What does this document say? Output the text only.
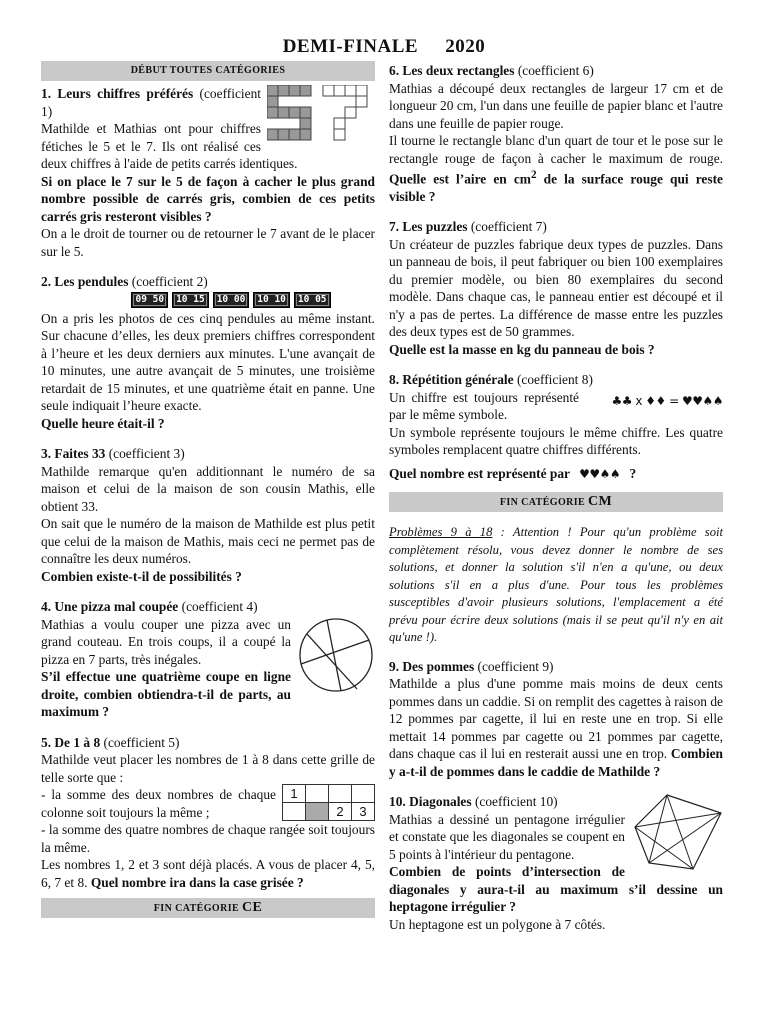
DEMI-FINALE 2020
DÉBUT TOUTES CATÉGORIES

1. Leurs chiffres préférés (coefficient 1)
Mathilde et Mathias ont pour chiffres fétiches le 5 et le 7. Ils ont réalisé ces deux chiffres à l'aide de petits carrés identiques.

Si on place le 7 sur le 5 de façon à cacher le plus grand nombre possible de carrés gris, combien de ces petits carrés gris resteront visibles ?

On a le droit de tourner ou de retourner le 7 avant de le placer sur le 5.

2. Les pendules (coefficient 2)

09 50	10 15	10 00	10 10	10 05

On a pris les photos de ces cinq pendules au même instant. Sur chacune d’elles, les deux premiers chiffres correspondent à l’heure et les deux derniers aux minutes. L'une avançait de 10 minutes, une autre avançait de 5 minutes, une troisième retardait de 15 minutes, et une quatrième était en panne. Une seule indiquait l’heure exacte.

Quelle heure était-il ?

3. Faites 33 (coefficient 3)

Mathilde remarque qu'en additionnant le numéro de sa maison et celui de la maison de son cousin Mathis, elle obtient 33.

On sait que le numéro de la maison de Mathilde est plus petit que celui de la maison de Mathis, mais ceci ne permet pas de connaître les deux numéros.

Combien existe-t-il de possibilités ?

4. Une pizza mal coupée (coefficient 4)

Mathias a voulu couper une pizza avec un grand couteau. En trois coups, il a coupé la pizza en 7 parts, très inégales.

S’il effectue une quatrième coupe en ligne droite, combien obtiendra-t-il de parts, au maximum ?

5. De 1 à 8 (coefficient 5)

Mathilde veut placer les nombres de 1 à 8 dans cette grille de telle sorte que :

1			
		2	3

- la somme des deux nombres de chaque colonne soit toujours la même ;

- la somme des quatre nombres de chaque rangée soit toujours la même.

Les nombres 1, 2 et 3 sont déjà placés. A vous de placer 4, 5, 6, 7 et 8. Quel nombre ira dans la case grisée ?

FIN CATÉGORIE CE

6. Les deux rectangles (coefficient 6)

Mathias a découpé deux rectangles de largeur 17 cm et de longueur 20 cm, l'un dans une feuille de papier blanc et l'autre dans une feuille de papier rouge.

Il tourne le rectangle blanc d'un quart de tour et le pose sur le rectangle rouge de façon à cacher le maximum de rouge. Quelle est l’aire en $cm^2$ de la surface rouge qui reste visible ?

7. Les puzzles (coefficient 7)

Un créateur de puzzles fabrique deux types de puzzles. Dans un panneau de bois, il peut fabriquer ou bien 100 exemplaires du premier modèle, ou bien 80 exemplaires du second modèle. Dans chaque cas, le panneau entier est découpé et il n'y a pas de pertes. La différence de masse entre les puzzles des deux types est de 50 grammes.

Quelle est la masse en kg du panneau de bois ?

8. Répétition générale (coefficient 8)

♣♣ x ♦♦ = ♥♥♠♠

Un chiffre est toujours représenté par le même symbole.

Un symbole représente toujours le même chiffre. Les quatre symboles remplacent quatre chiffres différents.

Quel nombre est représenté par ♥♥♠♠ ?

FIN CATÉGORIE CM

Problèmes 9 à 18 : Attention ! Pour qu'un problème soit complètement résolu, vous devez donner le nombre de ses solutions, et donner la solution s'il n'en a qu'une, ou deux solutions s'il en a plus d'une. Pour tous les problèmes susceptibles d'avoir plusieurs solutions, l'emplacement a été prévu pour écrire deux solutions (mais il se peut qu'il n'y en ait qu'une !).

9. Des pommes (coefficient 9)

Mathilde a plus d'une pomme mais moins de deux cents pommes dans un caddie. Si on remplit des cagettes à raison de 12 pommes par cagette, il lui en reste une en trop. Si elle mettait 14 pommes par cagette ou 21 pommes par cagette, dans chaque cas il lui en resterait aussi une en trop. Combien y a-t-il de pommes dans le caddie de Mathilde ?

10. Diagonales (coefficient 10)

Mathias a dessiné un pentagone irrégulier et constate que les diagonales se coupent en 5 points à l'intérieur du pentagone.

Combien de points d’intersection de diagonales y aura-t-il au maximum s’il dessine un heptagone irrégulier ?

Un heptagone est un polygone à 7 côtés.
